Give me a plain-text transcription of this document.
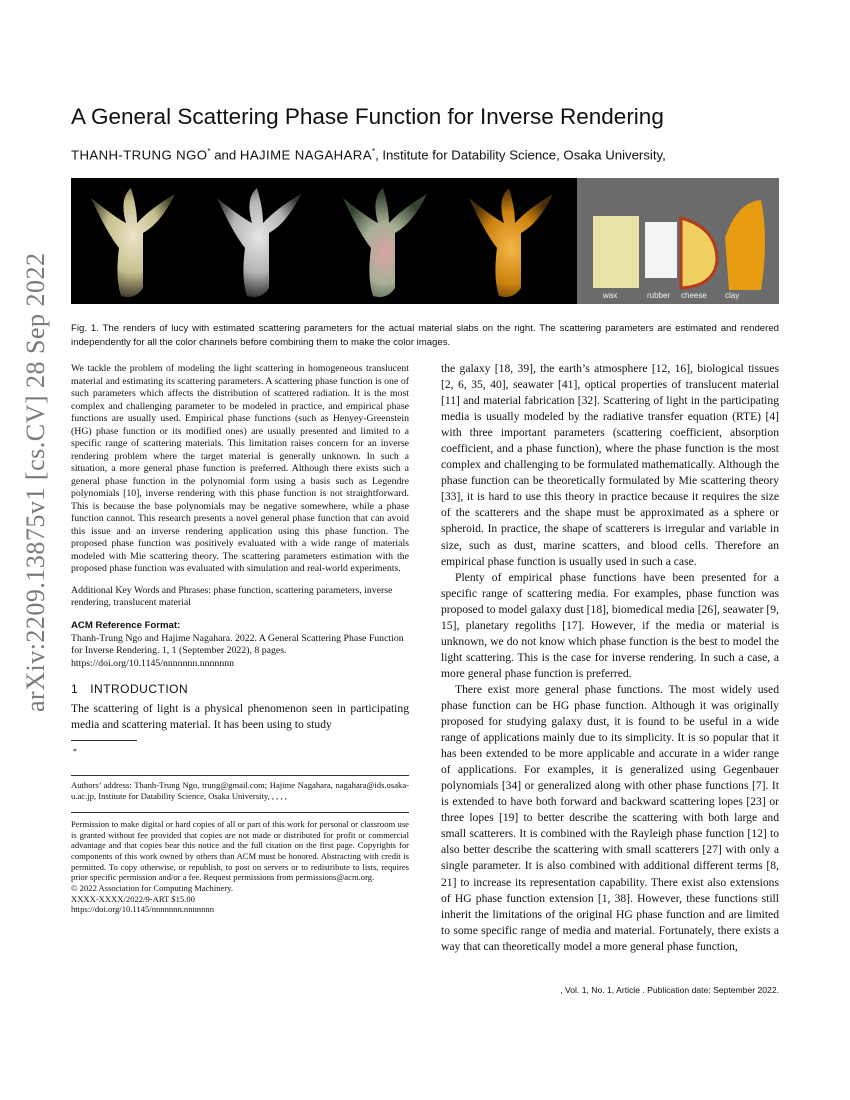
arXiv:2209.13875v1 [cs.CV] 28 Sep 2022
A General Scattering Phase Function for Inverse Rendering
THANH-TRUNG NGO* and HAJIME NAGAHARA*, Institute for Datability Science, Osaka University,
wax	rubber cheese clay
Fig. 1. The renders of lucy with estimated scattering parameters for the actual material slabs on the right. The scattering parameters are estimated and rendered independently for all the color channels before combining them to make the color images.

We tackle the problem of modeling the light scattering in homogeneous translucent material and estimating its scattering parameters. A scattering phase function is one of such parameters which affects the distribution of scattered radiation. It is the most complex and challenging parameter to be modeled in practice, and empirical phase functions are usually used. Empirical phase functions (such as Henyey-Greenstein (HG) phase function or its modified ones) are usually presented and limited to a specific range of scattering materials. This limitation raises concern for an inverse rendering problem where the target material is generally unknown. In such a situation, a more general phase function is preferred. Although there exists such a general phase function in the polynomial form using a basis such as Legendre polynomials [10], inverse rendering with this phase function is not straightforward. This is because the base polynomials may be negative somewhere, while a phase function cannot. This research presents a novel general phase function that can avoid this issue and an inverse rendering application using this phase function. The proposed phase function was positively evaluated with a wide range of materials modeled with Mie scattering theory. The scattering parameters estimation with the proposed phase function was evaluated with simulation and real-world experiments.

Additional Key Words and Phrases: phase function, scattering parameters, inverse rendering, translucent material

ACM Reference Format:

Thanh-Trung Ngo and Hajime Nagahara. 2022. A General Scattering Phase Function for Inverse Rendering. 1, 1 (September 2022), 8 pages. https://doi.org/10.1145/nnnnnnn.nnnnnnn

1 INTRODUCTION

The scattering of light is a physical phenomenon seen in participating media and scattering material. It has been using to study

*

Authors’ address: Thanh-Trung Ngo, trung@gmail.com; Hajime Nagahara, nagahara@ids.osaka-u.ac.jp, Institute for Datability Science, Osaka University, , , , ,

Permission to make digital or hard copies of all or part of this work for personal or classroom use is granted without fee provided that copies are not made or distributed for profit or commercial advantage and that copies bear this notice and the full citation on the first page. Copyrights for components of this work owned by others than ACM must be honored. Abstracting with credit is permitted. To copy otherwise, or republish, to post on servers or to redistribute to lists, requires prior specific permission and/or a fee. Request permissions from permissions@acm.org.

© 2022 Association for Computing Machinery.
XXXX-XXXX/2022/9-ART $15.00
https://doi.org/10.1145/nnnnnnn.nnnnnnn

the galaxy [18, 39], the earth’s atmosphere [12, 16], biological tissues [2, 6, 35, 40], seawater [41], optical properties of translucent material [11] and material fabrication [32]. Scattering of light in the participating media is usually modeled by the radiative transfer equation (RTE) [4] with three important parameters (scattering coefficient, absorption coefficient, and a phase function), where the phase function is the most complex and challenging to be formulated mathematically. Although the phase function can be theoretically formulated by Mie scattering theory [33], it is hard to use this theory in practice because it requires the size of the scatterers and the shape must be approximated as a sphere or spheroid. In practice, the shape of scatterers is irregular and variable in size, such as dust, marine scatters, and blood cells. Therefore an empirical phase function is usually used in such a case.

Plenty of empirical phase functions have been presented for a specific range of scattering media. For examples, phase function was proposed to model galaxy dust [18], biomedical media [26], seawater [9, 15], planetary regoliths [17]. However, if the media or material is unknown, we do not know which phase function is the best to model the light scattering. This is the case for inverse rendering. In such a case, a more general phase function is preferred.

There exist more general phase functions. The most widely used phase function can be HG phase function. Although it was originally proposed for studying galaxy dust, it is found to be useful in a wide range of applications mainly due to its simplicity. It is so popular that it has been extended to be more applicable and accurate in a wider range of applications. For examples, it is generalized using Gegenbauer polynomials [34] or generalized along with other phase functions [7]. It is extended to have both forward and backward scattering lopes [23] or three lopes [19] to better describe the scattering with both large and small scatterers. It is combined with the Rayleigh phase function [12] to also better describe the scattering with small scatterers [27] with only a single parameter. It is also combined with additional different terms [8, 21] to increase its representation capability. There exist also extensions of HG phase function extension [1, 38]. However, these functions still inherit the limitations of the original HG phase function and are limited to some specific range of media and material. Fortunately, there exists a way that can theoretically model a more general phase function,

, Vol. 1, No. 1, Article . Publication date: September 2022.
